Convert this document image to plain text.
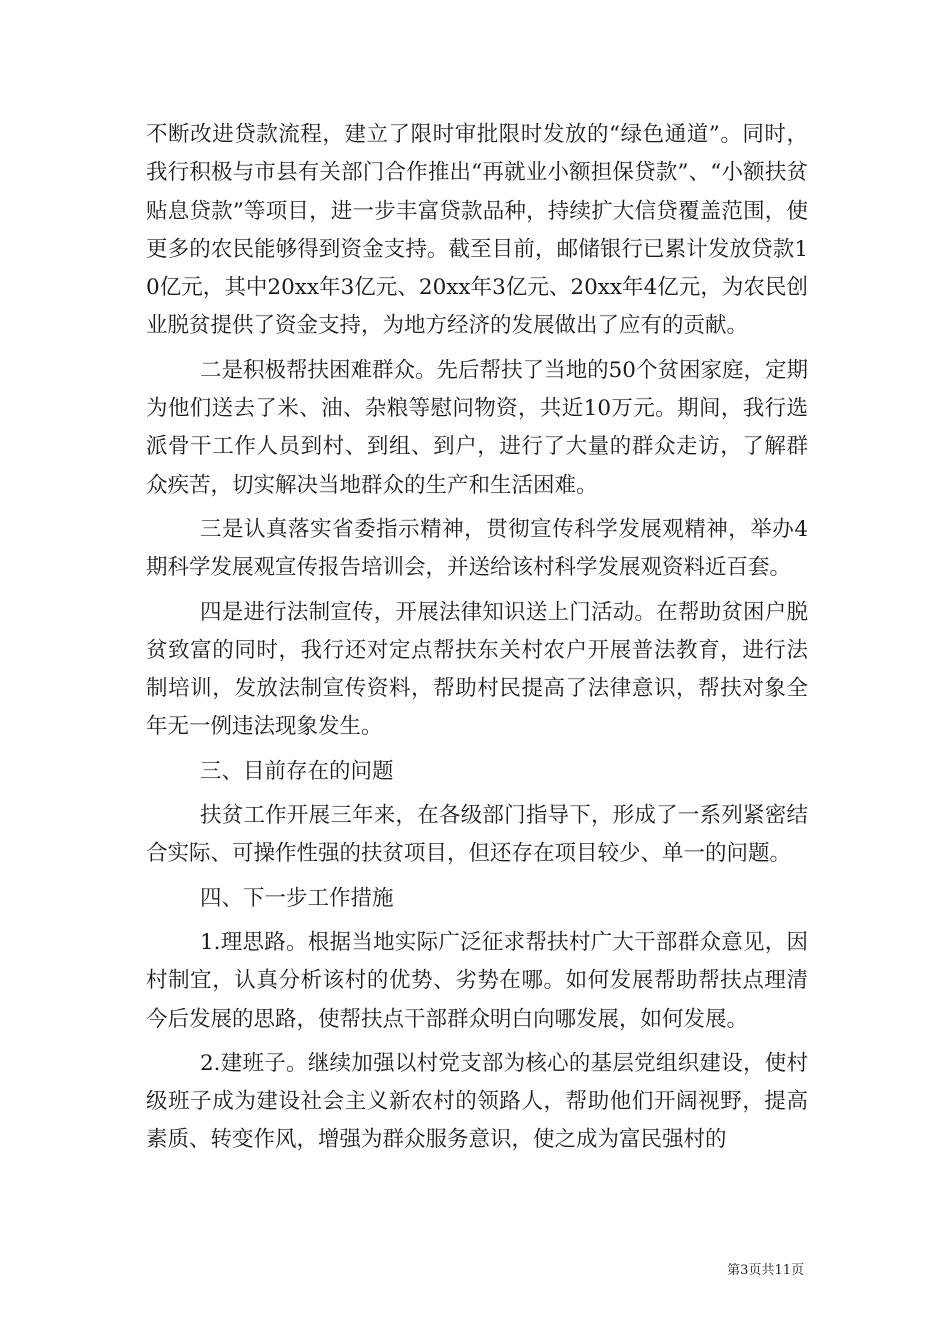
不断改进贷款流程，建立了限时审批限时发放的“绿色通道”。同时，我行积极与市县有关部门合作推出“再就业小额担保贷款”、“小额扶贫贴息贷款”等项目，进一步丰富贷款品种，持续扩大信贷覆盖范围，使更多的农民能够得到资金支持。截至目前，邮储银行已累计发放贷款10亿元，其中20xx年3亿元、20xx年3亿元、20xx年4亿元，为农民创业脱贫提供了资金支持，为地方经济的发展做出了应有的贡献。

二是积极帮扶困难群众。先后帮扶了当地的50个贫困家庭，定期为他们送去了米、油、杂粮等慰问物资，共近10万元。期间，我行选派骨干工作人员到村、到组、到户，进行了大量的群众走访，了解群众疾苦，切实解决当地群众的生产和生活困难。

三是认真落实省委指示精神，贯彻宣传科学发展观精神，举办4期科学发展观宣传报告培训会，并送给该村科学发展观资料近百套。

四是进行法制宣传，开展法律知识送上门活动。在帮助贫困户脱贫致富的同时，我行还对定点帮扶东关村农户开展普法教育，进行法制培训，发放法制宣传资料，帮助村民提高了法律意识，帮扶对象全年无一例违法现象发生。

三、目前存在的问题

扶贫工作开展三年来，在各级部门指导下，形成了一系列紧密结合实际、可操作性强的扶贫项目，但还存在项目较少、单一的问题。

四、下一步工作措施

1.理思路。根据当地实际广泛征求帮扶村广大干部群众意见，因村制宜，认真分析该村的优势、劣势在哪。如何发展帮助帮扶点理清今后发展的思路，使帮扶点干部群众明白向哪发展，如何发展。

2.建班子。继续加强以村党支部为核心的基层党组织建设，使村级班子成为建设社会主义新农村的领路人，帮助他们开阔视野，提高素质、转变作风，增强为群众服务意识，使之成为富民强村的

第3页共11页
